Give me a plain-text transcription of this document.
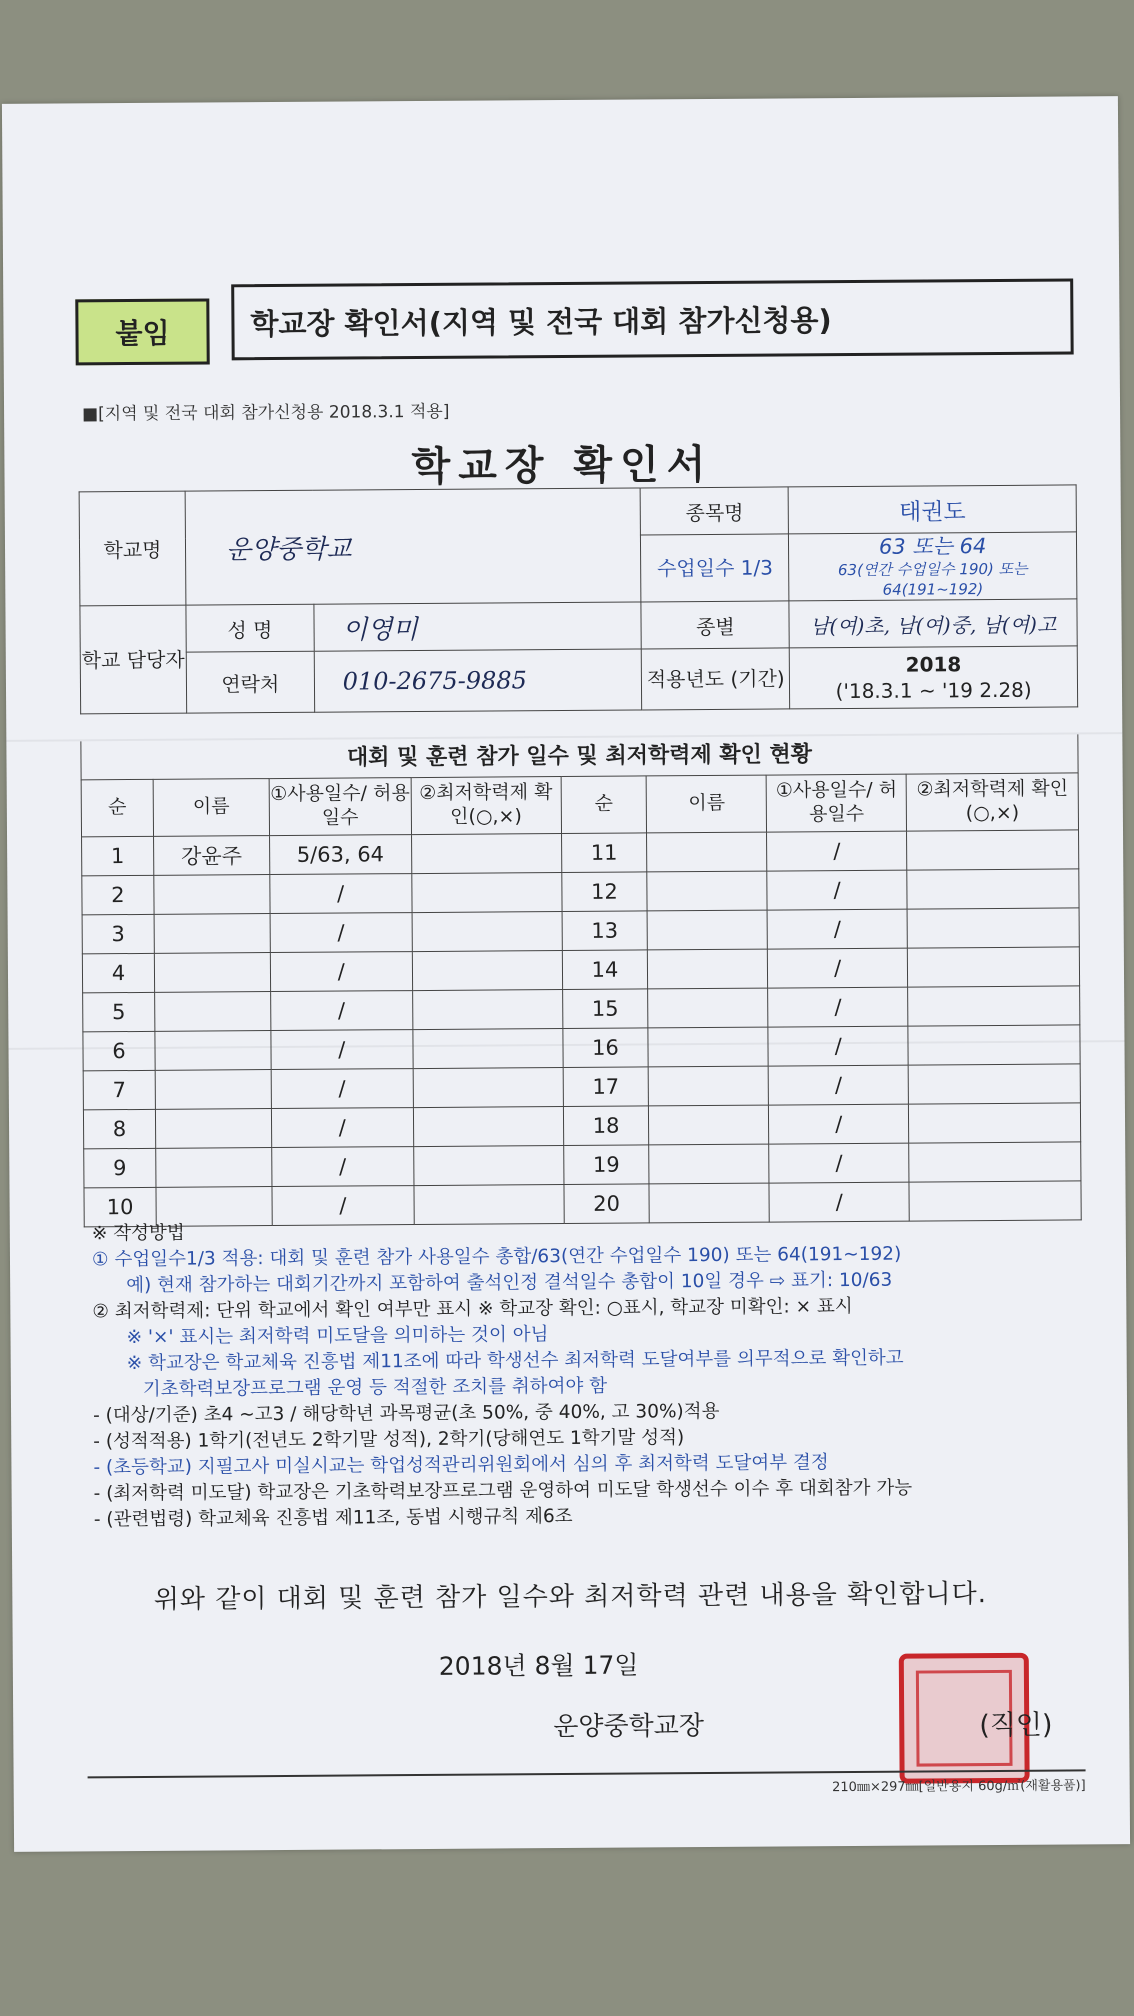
붙임	학교장 확인서(지역 및 전국 대회 참가신청용)
■[지역 및 전국 대회 참가신청용 2018.3.1 적용]
학교장 확인서
학교명	운양중학교		종목명	태권도
			수업일수 1/3	63 또는 64
63(연간 수업일수 190) 또는 64(191~192)

학교 담당자	성 명	이영미	종별	남(여)초, 남(여)중, 남(여)고
	연락처	010-2675-9885	적용년도 (기간)	2018
('18.3.1 ~ '19 2.28)
대회 및 훈련 참가 일수 및 최저학력제 확인 현황
순	이름	①사용일수/ 허용일수	②최저학력제 확인(○,×)	순	이름	①사용일수/ 허용일수	②최저학력제 확인(○,×)
1	강윤주	5/63, 64		11		/	
2		/		12		/	
3		/		13		/	
4		/		14		/	
5		/		15		/	
6		/		16		/	
7		/		17		/	
8		/		18		/	
9		/		19		/	
10		/		20		/	
※ 작성방법
① 수업일수1/3 적용: 대회 및 훈련 참가 사용일수 총합/63(연간 수업일수 190) 또는 64(191~192)
예) 현재 참가하는 대회기간까지 포함하여 출석인정 결석일수 총합이 10일 경우 ⇨ 표기: 10/63
② 최저학력제: 단위 학교에서 확인 여부만 표시 ※ 학교장 확인: ○표시, 학교장 미확인: × 표시
※ '×' 표시는 최저학력 미도달을 의미하는 것이 아님
※ 학교장은 학교체육 진흥법 제11조에 따라 학생선수 최저학력 도달여부를 의무적으로 확인하고
기초학력보장프로그램 운영 등 적절한 조치를 취하여야 함
- (대상/기준) 초4 ~고3 / 해당학년 과목평균(초 50%, 중 40%, 고 30%)적용
- (성적적용) 1학기(전년도 2학기말 성적), 2학기(당해연도 1학기말 성적)
- (초등학교) 지필고사 미실시교는 학업성적관리위원회에서 심의 후 최저학력 도달여부 결정
- (최저학력 미도달) 학교장은 기초학력보장프로그램 운영하여 미도달 학생선수 이수 후 대회참가 가능
- (관련법령) 학교체육 진흥법 제11조, 동법 시행규칙 제6조
위와 같이 대회 및 훈련 참가 일수와 최저학력 관련 내용을 확인합니다.
2018년 8월 17일
운양중학교장	(직인)
210㎜×297㎜[일반용지 60g/㎡(재활용품)]
